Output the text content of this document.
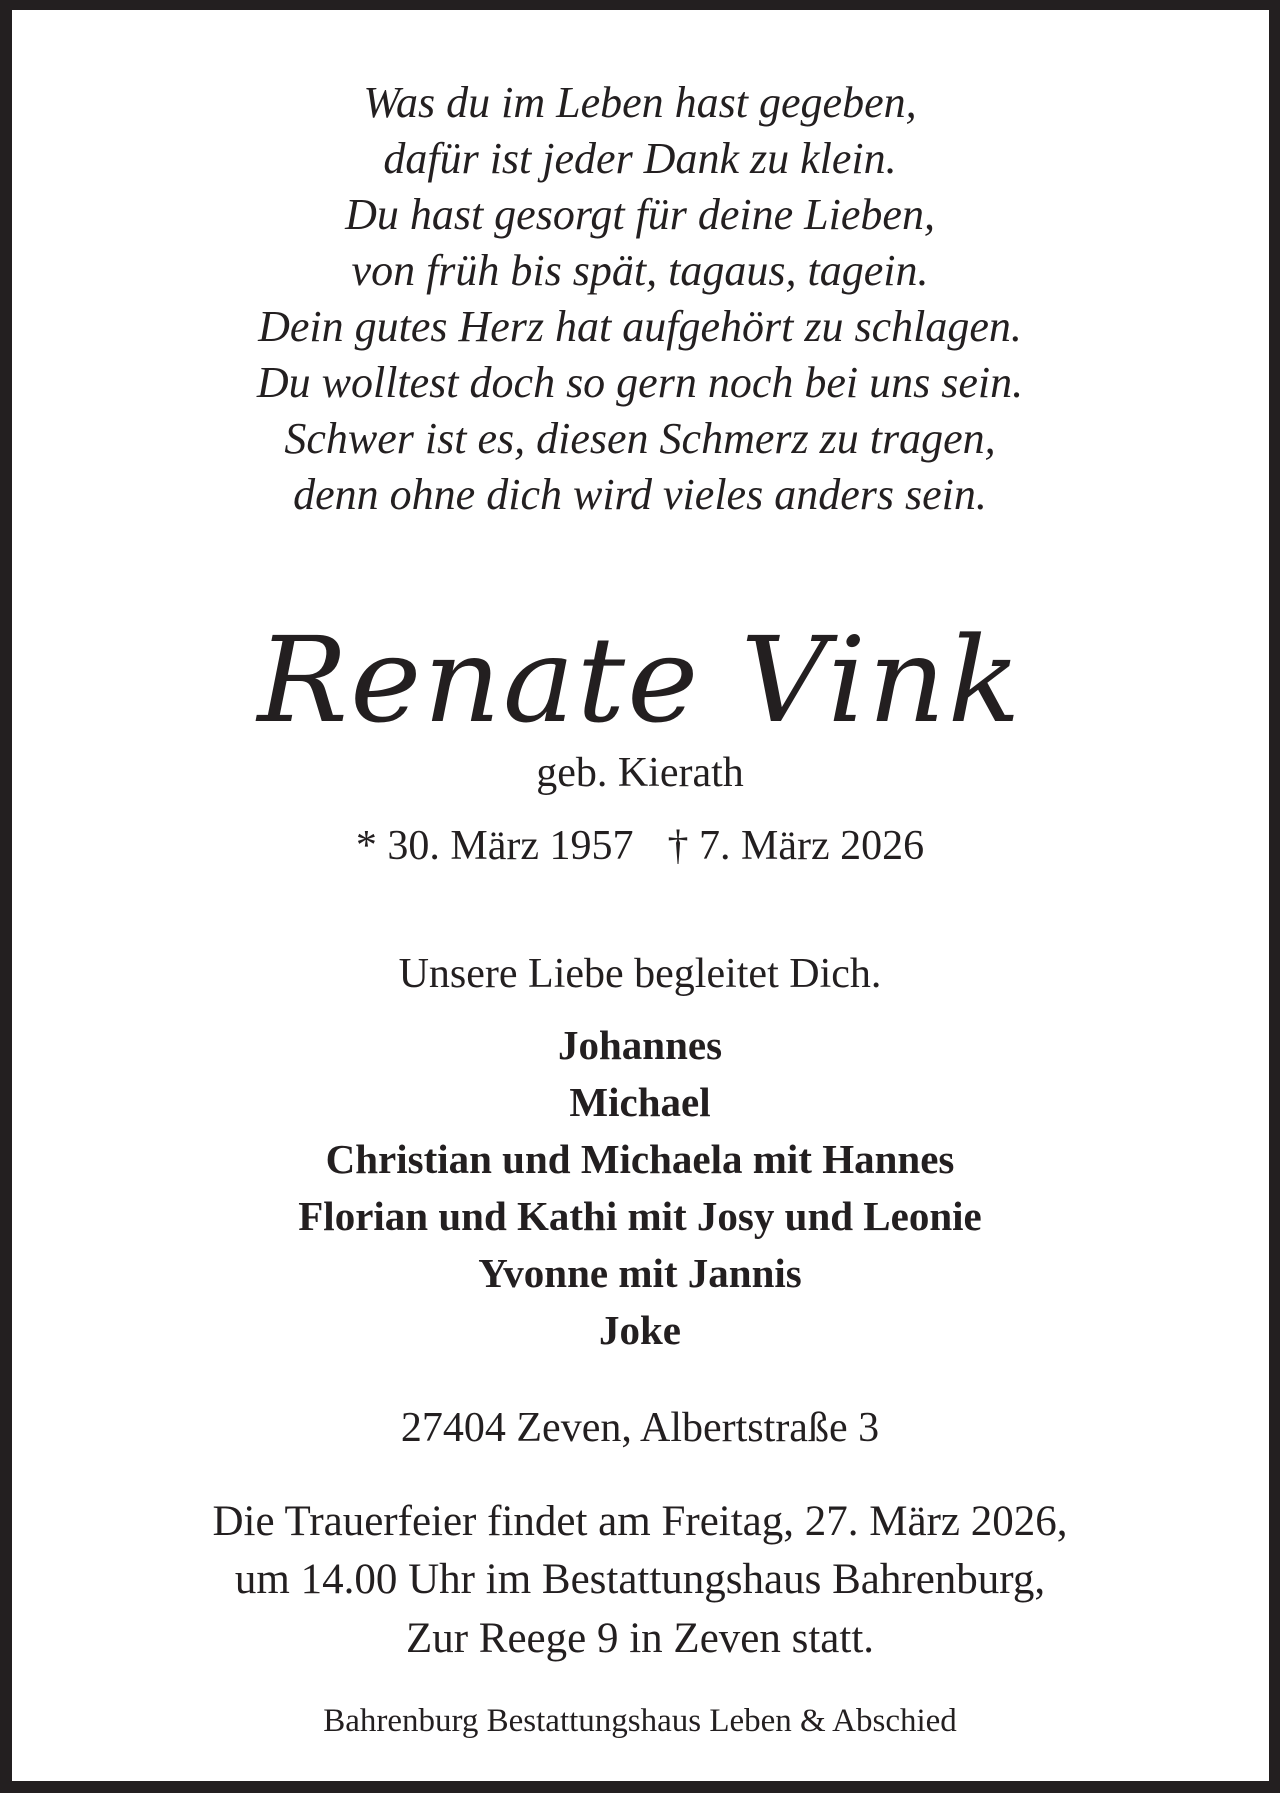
Was du im Leben hast gegeben,
dafür ist jeder Dank zu klein.
Du hast gesorgt für deine Lieben,
von früh bis spät, tagaus, tagein.
Dein gutes Herz hat aufgehört zu schlagen.
Du wolltest doch so gern noch bei uns sein.
Schwer ist es, diesen Schmerz zu tragen,
denn ohne dich wird vieles anders sein.
Renate Vink
geb. Kierath
* 30. März 1957 † 7. März 2026
Unsere Liebe begleitet Dich.
Johannes
Michael
Christian und Michaela mit Hannes
Florian und Kathi mit Josy und Leonie
Yvonne mit Jannis
Joke
27404 Zeven, Albertstraße 3
Die Trauerfeier findet am Freitag, 27. März 2026,
um 14.00 Uhr im Bestattungshaus Bahrenburg,
Zur Reege 9 in Zeven statt.
Bahrenburg Bestattungshaus Leben & Abschied
